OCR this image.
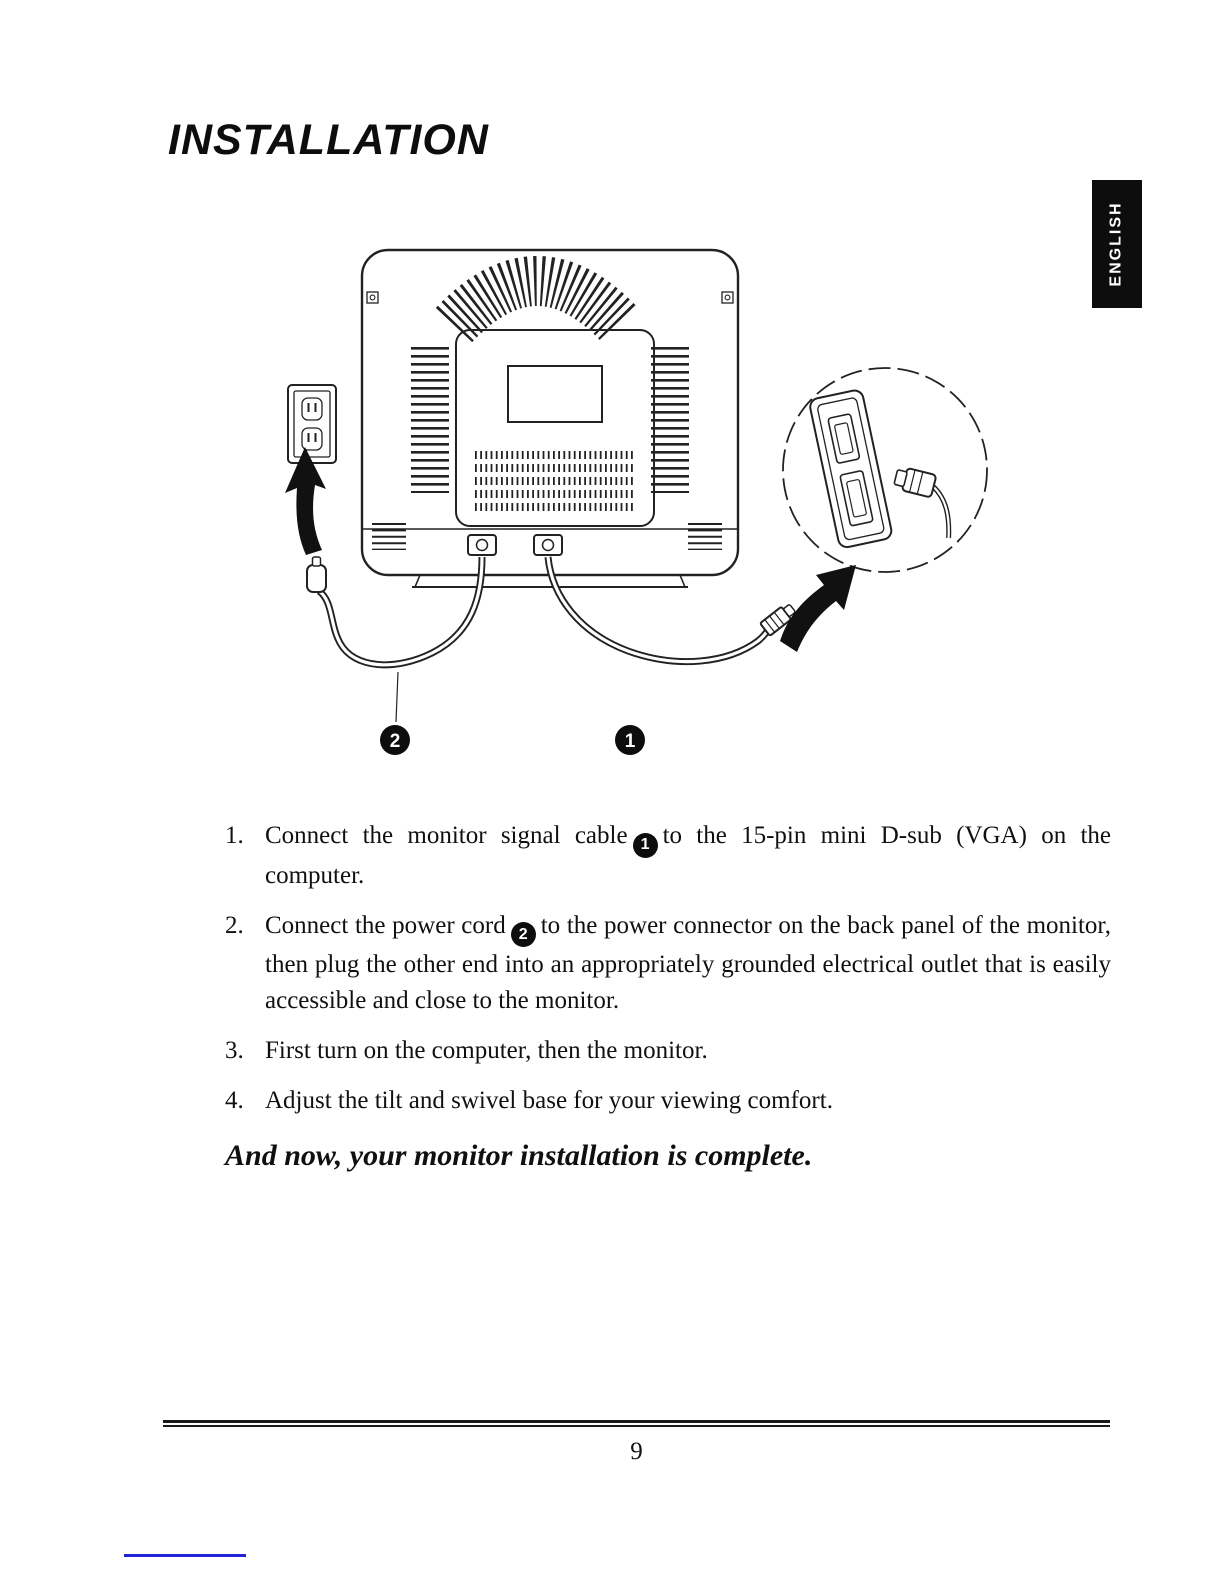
INSTALLATION
ENGLISH
2	1
1. Connect the monitor signal cable 1 to the 15-pin mini D-sub (VGA) on the computer.

2. Connect the power cord 2 to the power connector on the back panel of the monitor, then plug the other end into an appropriately grounded electrical outlet that is easily accessible and close to the monitor.

3. First turn on the computer, then the monitor.

4. Adjust the tilt and swivel base for your viewing comfort.

And now, your monitor installation is complete.

9
